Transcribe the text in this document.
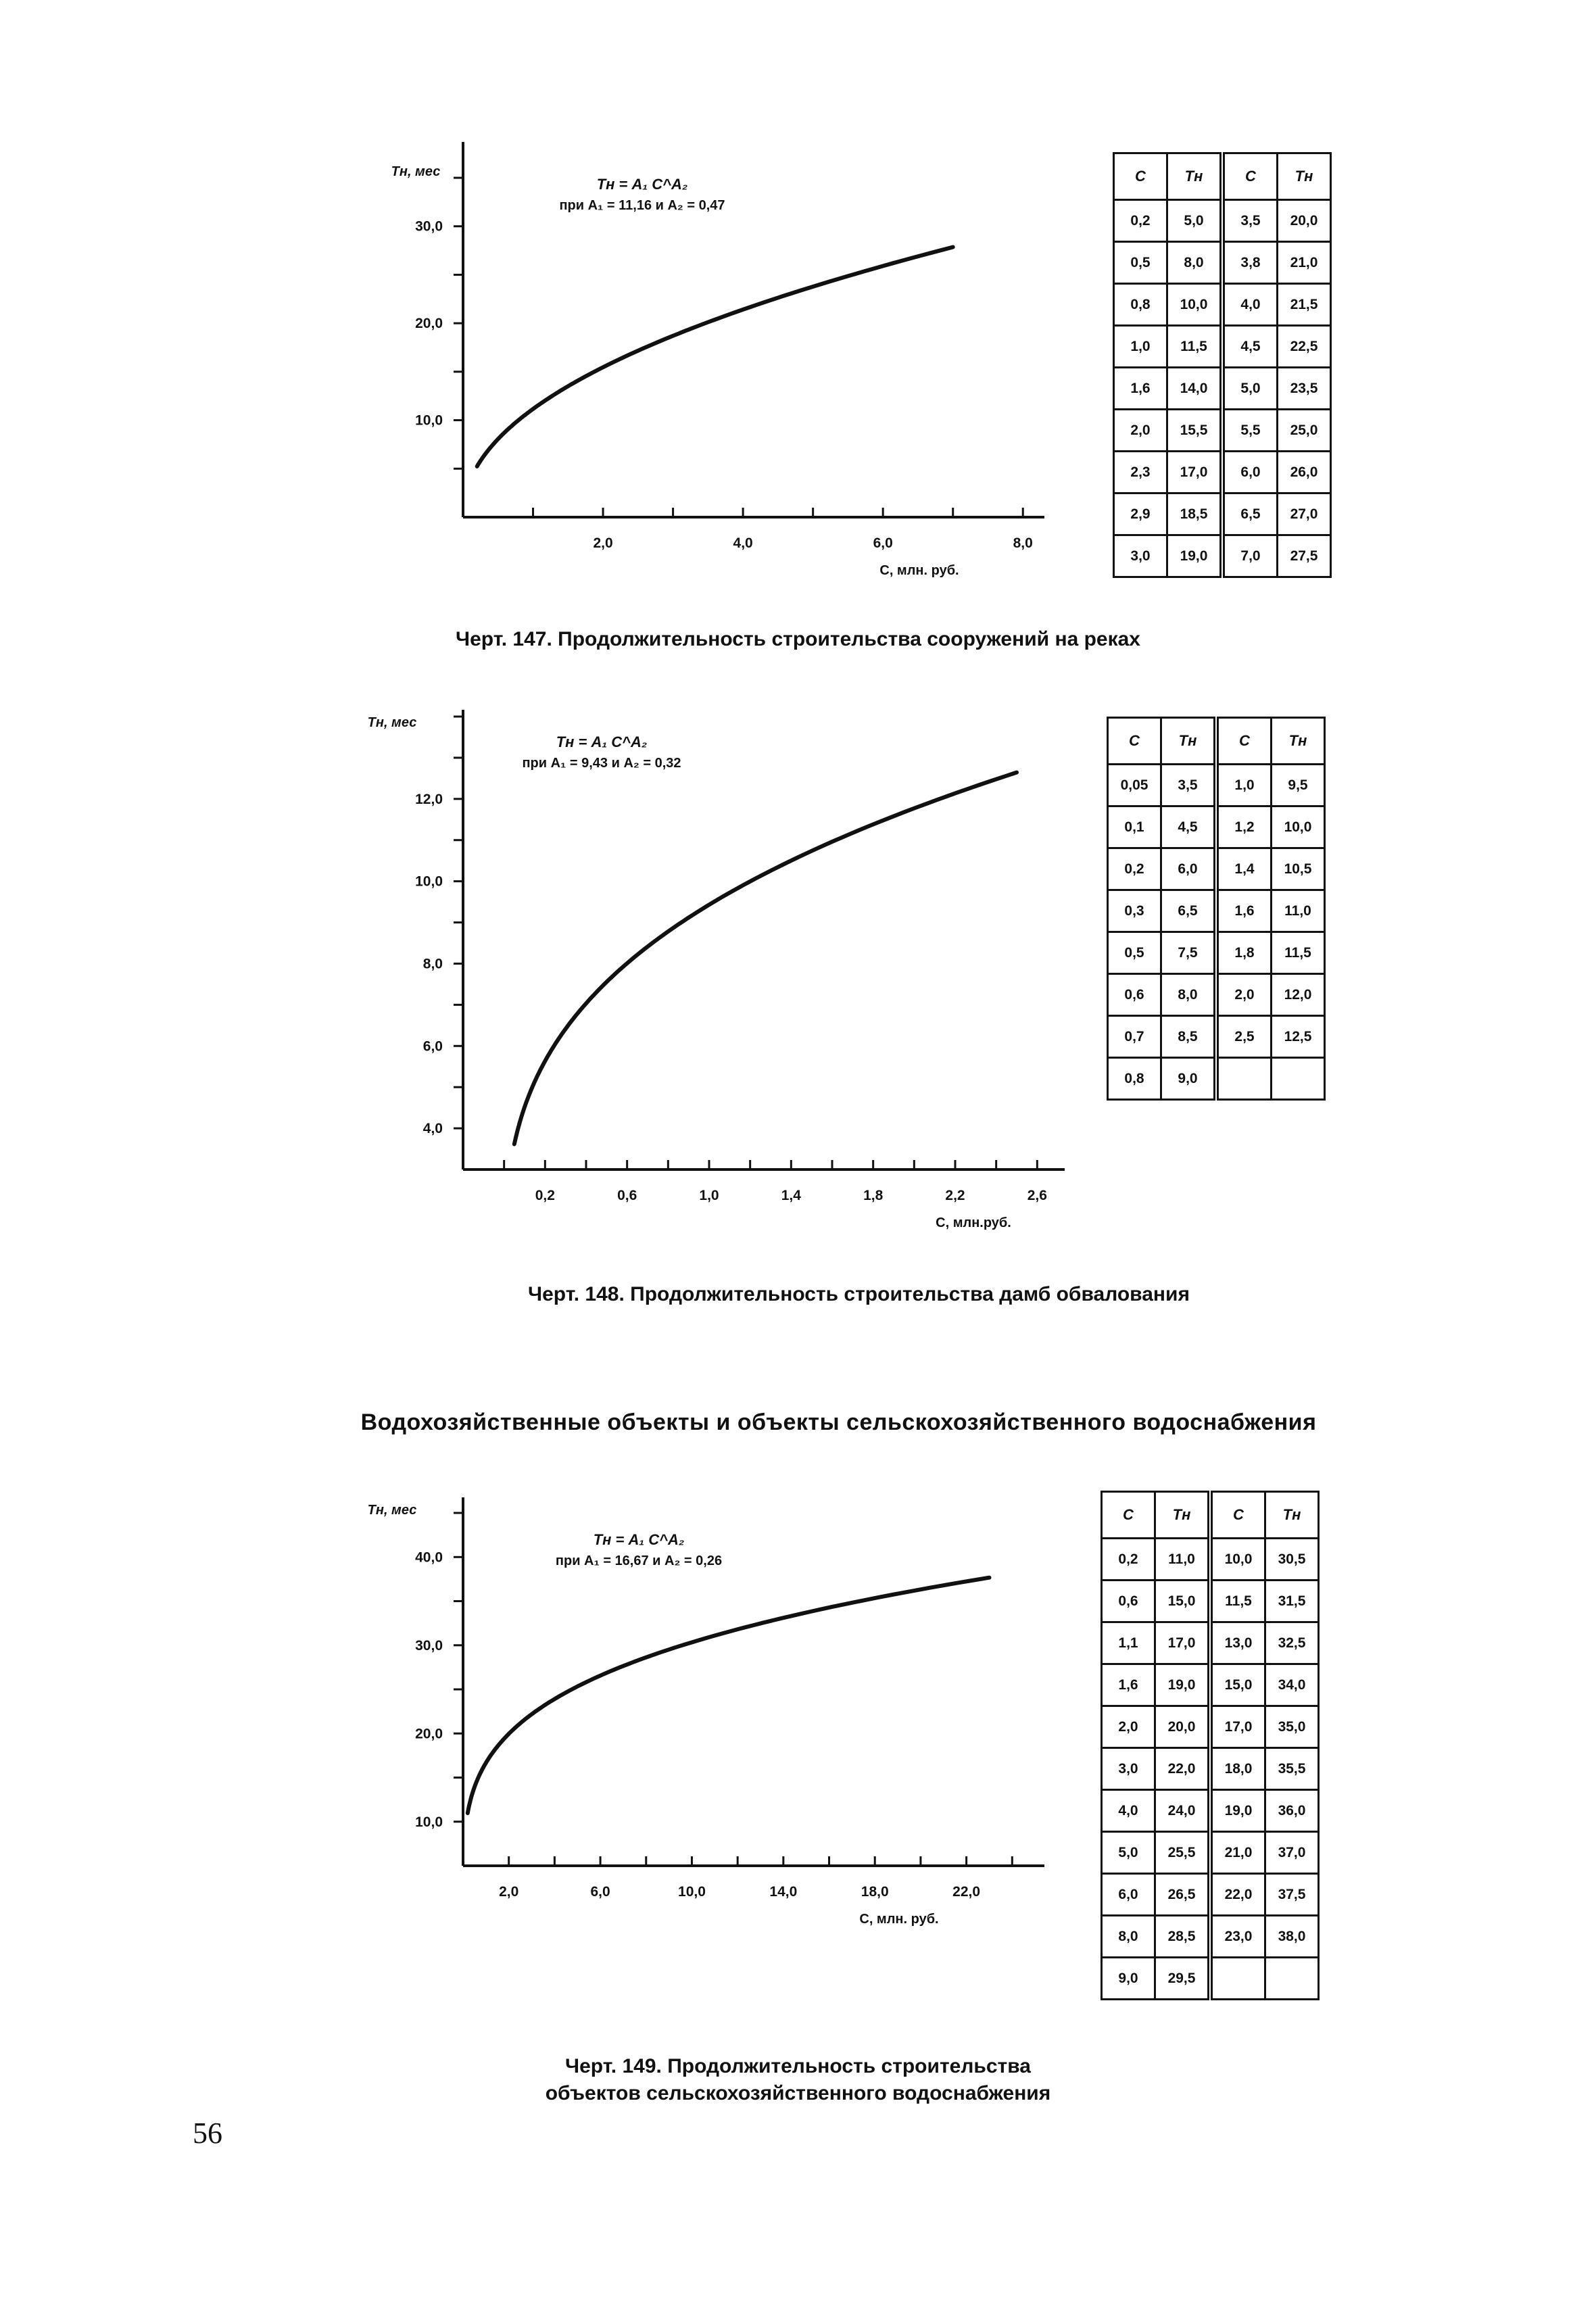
2,0	4,0	6,0	8,0
10,0
20,0
30,0
Тн, мес
С, млн. руб.
Тн = A₁ C^A₂
при A₁ = 11,16 и A₂ = 0,47
С	Тн	С	Тн
0,2	5,0	3,5	20,0
0,5	8,0	3,8	21,0
0,8	10,0	4,0	21,5
1,0	11,5	4,5	22,5
1,6	14,0	5,0	23,5
2,0	15,5	5,5	25,0
2,3	17,0	6,0	26,0
2,9	18,5	6,5	27,0
3,0	19,0	7,0	27,5
Черт. 147. Продолжительность строительства сооружений на реках
0,2	0,6	1,0	1,4	1,8	2,2	2,6
4,0
6,0
8,0
10,0
12,0
Тн, мес
С, млн.руб.
Тн = A₁ C^A₂
при A₁ = 9,43 и A₂ = 0,32
С	Тн	С	Тн
0,05	3,5	1,0	9,5
0,1	4,5	1,2	10,0
0,2	6,0	1,4	10,5
0,3	6,5	1,6	11,0
0,5	7,5	1,8	11,5
0,6	8,0	2,0	12,0
0,7	8,5	2,5	12,5
0,8	9,0		
Черт. 148. Продолжительность строительства дамб обвалования
Водохозяйственные объекты и объекты сельскохозяйственного водоснабжения
2,0	6,0	10,0	14,0	18,0	22,0
10,0
20,0
30,0
40,0
Тн, мес
С, млн. руб.
Тн = A₁ C^A₂
при A₁ = 16,67 и A₂ = 0,26
С	Тн	С	Тн
0,2	11,0	10,0	30,5
0,6	15,0	11,5	31,5
1,1	17,0	13,0	32,5
1,6	19,0	15,0	34,0
2,0	20,0	17,0	35,0
3,0	22,0	18,0	35,5
4,0	24,0	19,0	36,0
5,0	25,5	21,0	37,0
6,0	26,5	22,0	37,5
8,0	28,5	23,0	38,0
9,0	29,5		
Черт. 149. Продолжительность строительства
объектов сельскохозяйственного водоснабжения
56
